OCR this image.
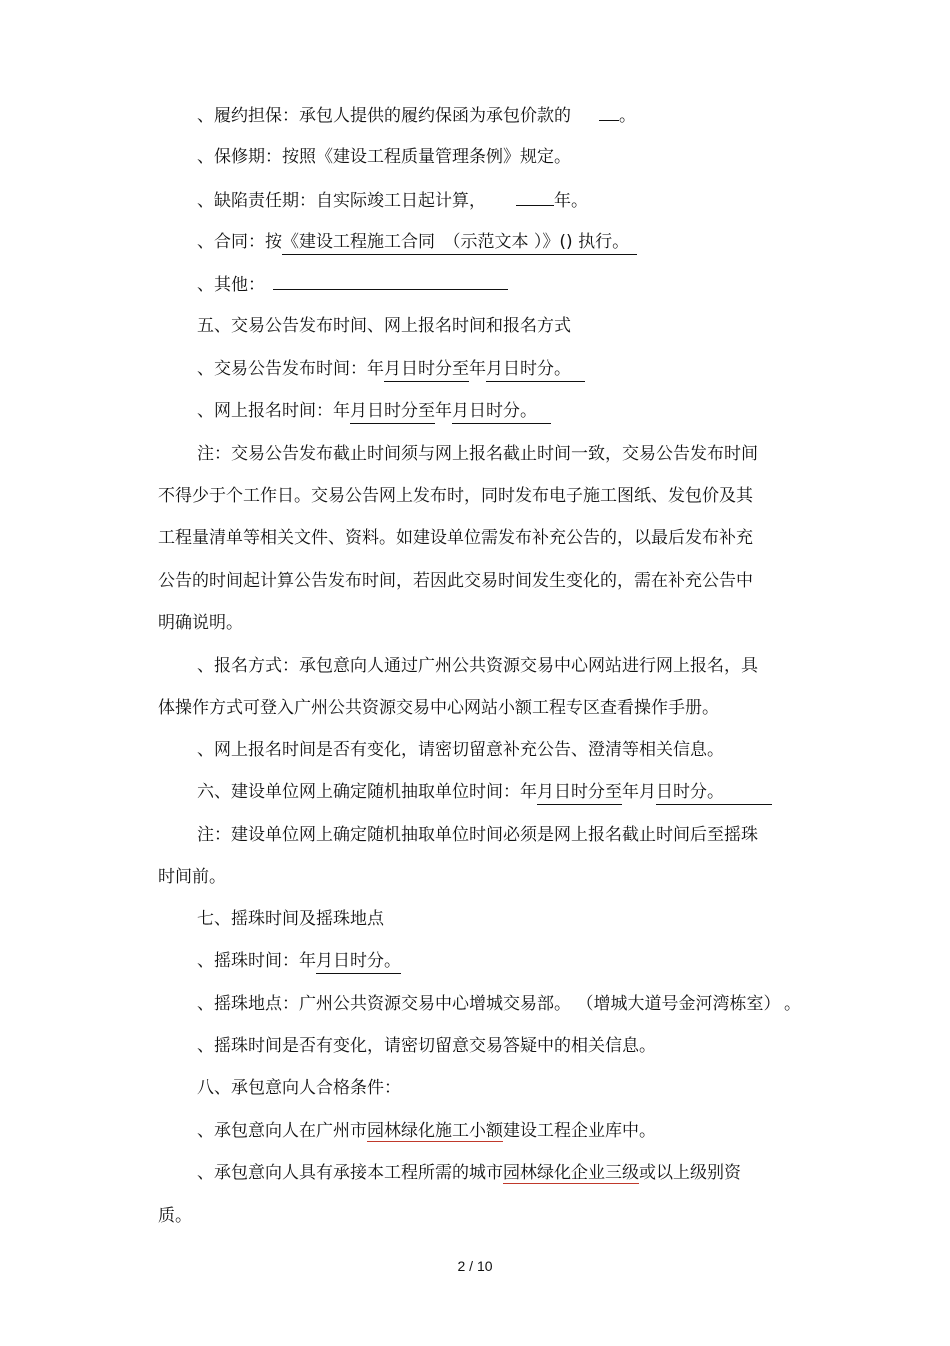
、履约担保：承包人提供的履约保函为承包价款的	。
、保修期：按照《建设工程质量管理条例》规定。
、缺陷责任期：自实际竣工日起计算，	年。
、合同：按《建设工程施工合同　（示范文本 ）》() 执行。
、其他：
五、交易公告发布时间、网上报名时间和报名方式
、交易公告发布时间：年月日时分至年月日时分。
、网上报名时间：年月日时分至年月日时分。
注：交易公告发布截止时间须与网上报名截止时间一致，交易公告发布时间
不得少于个工作日。交易公告网上发布时，同时发布电子施工图纸、发包价及其
工程量清单等相关文件、资料。如建设单位需发布补充公告的，以最后发布补充
公告的时间起计算公告发布时间，若因此交易时间发生变化的，需在补充公告中
明确说明。
、报名方式：承包意向人通过广州公共资源交易中心网站进行网上报名，具
体操作方式可登入广州公共资源交易中心网站小额工程专区查看操作手册。
、网上报名时间是否有变化，请密切留意补充公告、澄清等相关信息。
六、建设单位网上确定随机抽取单位时间：年月日时分至年月日时分。
注：建设单位网上确定随机抽取单位时间必须是网上报名截止时间后至摇珠
时间前。
七、摇珠时间及摇珠地点
、摇珠时间：年月日时分。
、摇珠地点：广州公共资源交易中心增城交易部。 （增城大道号金河湾栋室） 。
、摇珠时间是否有变化，请密切留意交易答疑中的相关信息。
八、承包意向人合格条件：
、承包意向人在广州市园林绿化施工小额建设工程企业库中。
、承包意向人具有承接本工程所需的城市园林绿化企业三级或以上级别资
质。
2 / 10
